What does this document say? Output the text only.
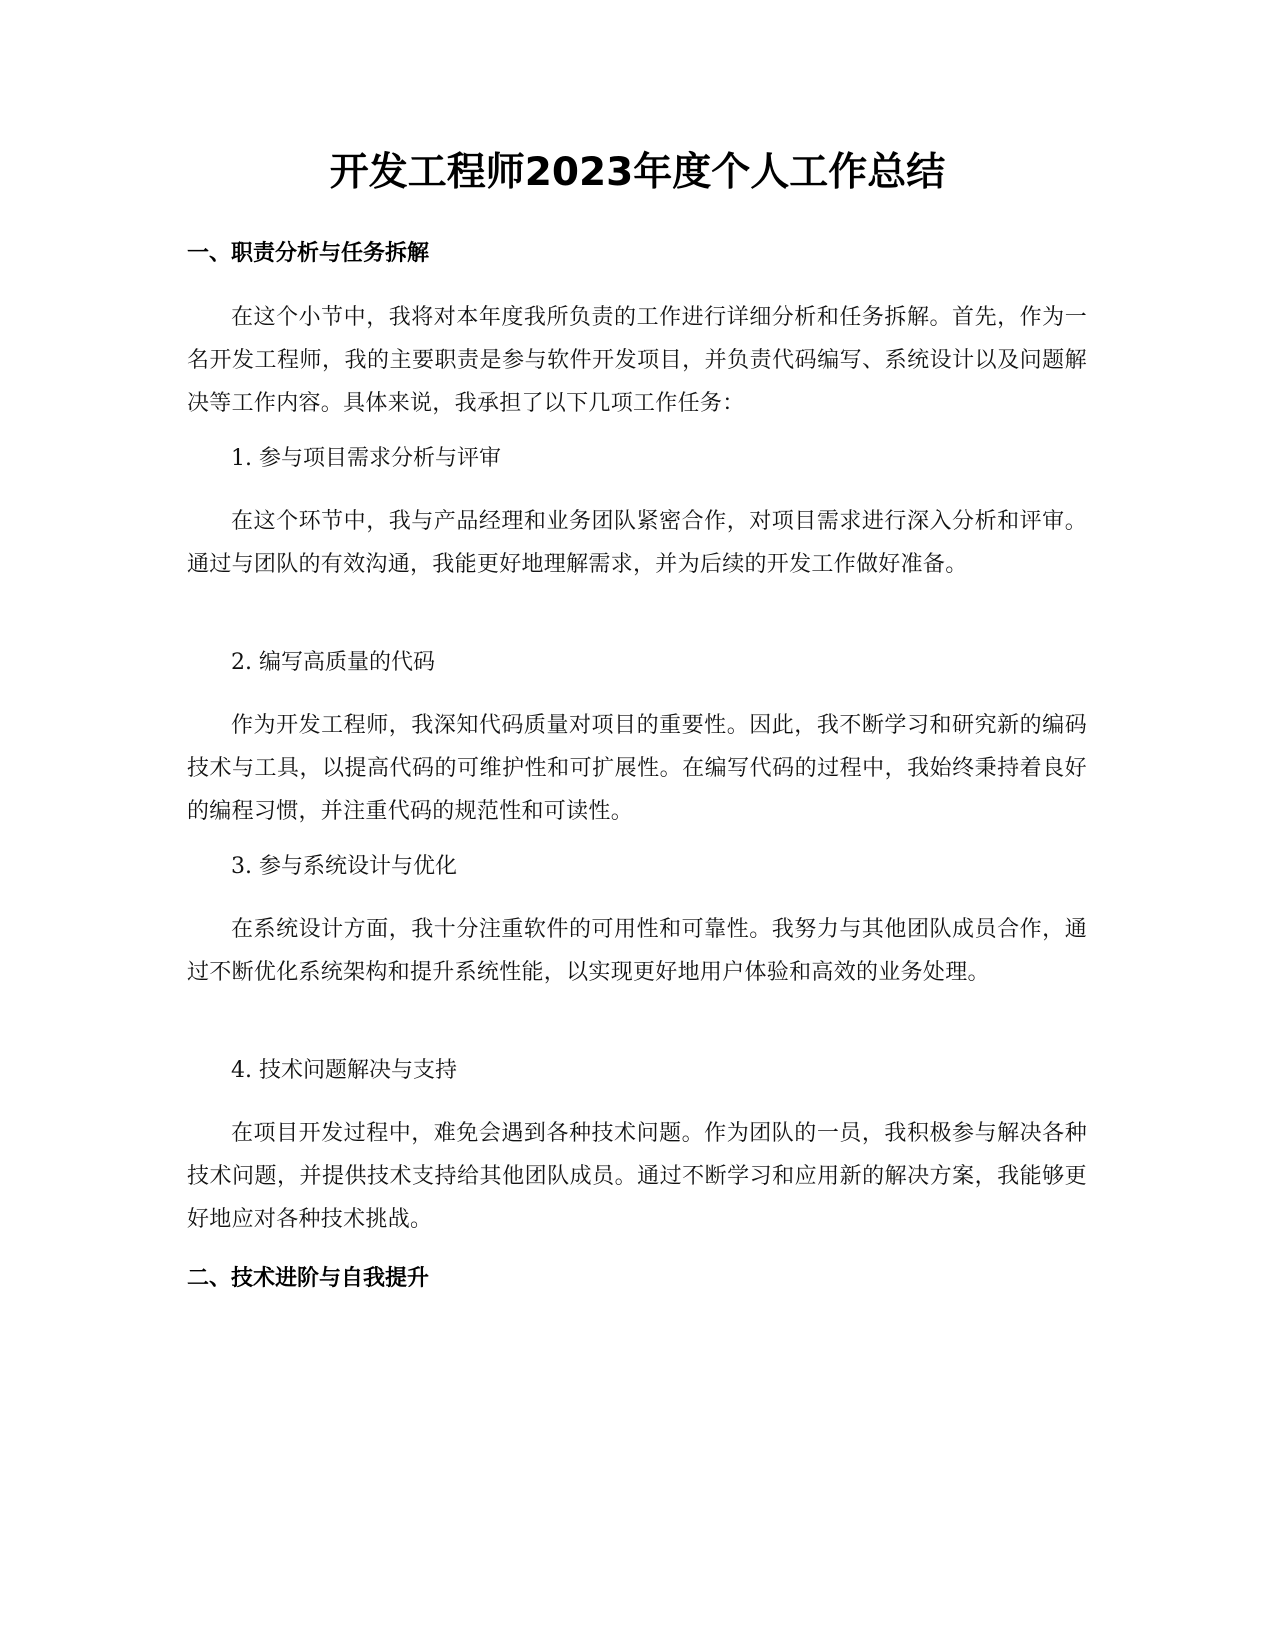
开发工程师2023年度个人工作总结
一、职责分析与任务拆解

在这个小节中，我将对本年度我所负责的工作进行详细分析和任务拆解。首先，作为一名开发工程师，我的主要职责是参与软件开发项目，并负责代码编写、系统设计以及问题解决等工作内容。具体来说，我承担了以下几项工作任务：

1. 参与项目需求分析与评审

在这个环节中，我与产品经理和业务团队紧密合作，对项目需求进行深入分析和评审。通过与团队的有效沟通，我能更好地理解需求，并为后续的开发工作做好准备。

2. 编写高质量的代码

作为开发工程师，我深知代码质量对项目的重要性。因此，我不断学习和研究新的编码技术与工具，以提高代码的可维护性和可扩展性。在编写代码的过程中，我始终秉持着良好的编程习惯，并注重代码的规范性和可读性。

3. 参与系统设计与优化

在系统设计方面，我十分注重软件的可用性和可靠性。我努力与其他团队成员合作，通过不断优化系统架构和提升系统性能，以实现更好地用户体验和高效的业务处理。

4. 技术问题解决与支持

在项目开发过程中，难免会遇到各种技术问题。作为团队的一员，我积极参与解决各种技术问题，并提供技术支持给其他团队成员。通过不断学习和应用新的解决方案，我能够更好地应对各种技术挑战。

二、技术进阶与自我提升
